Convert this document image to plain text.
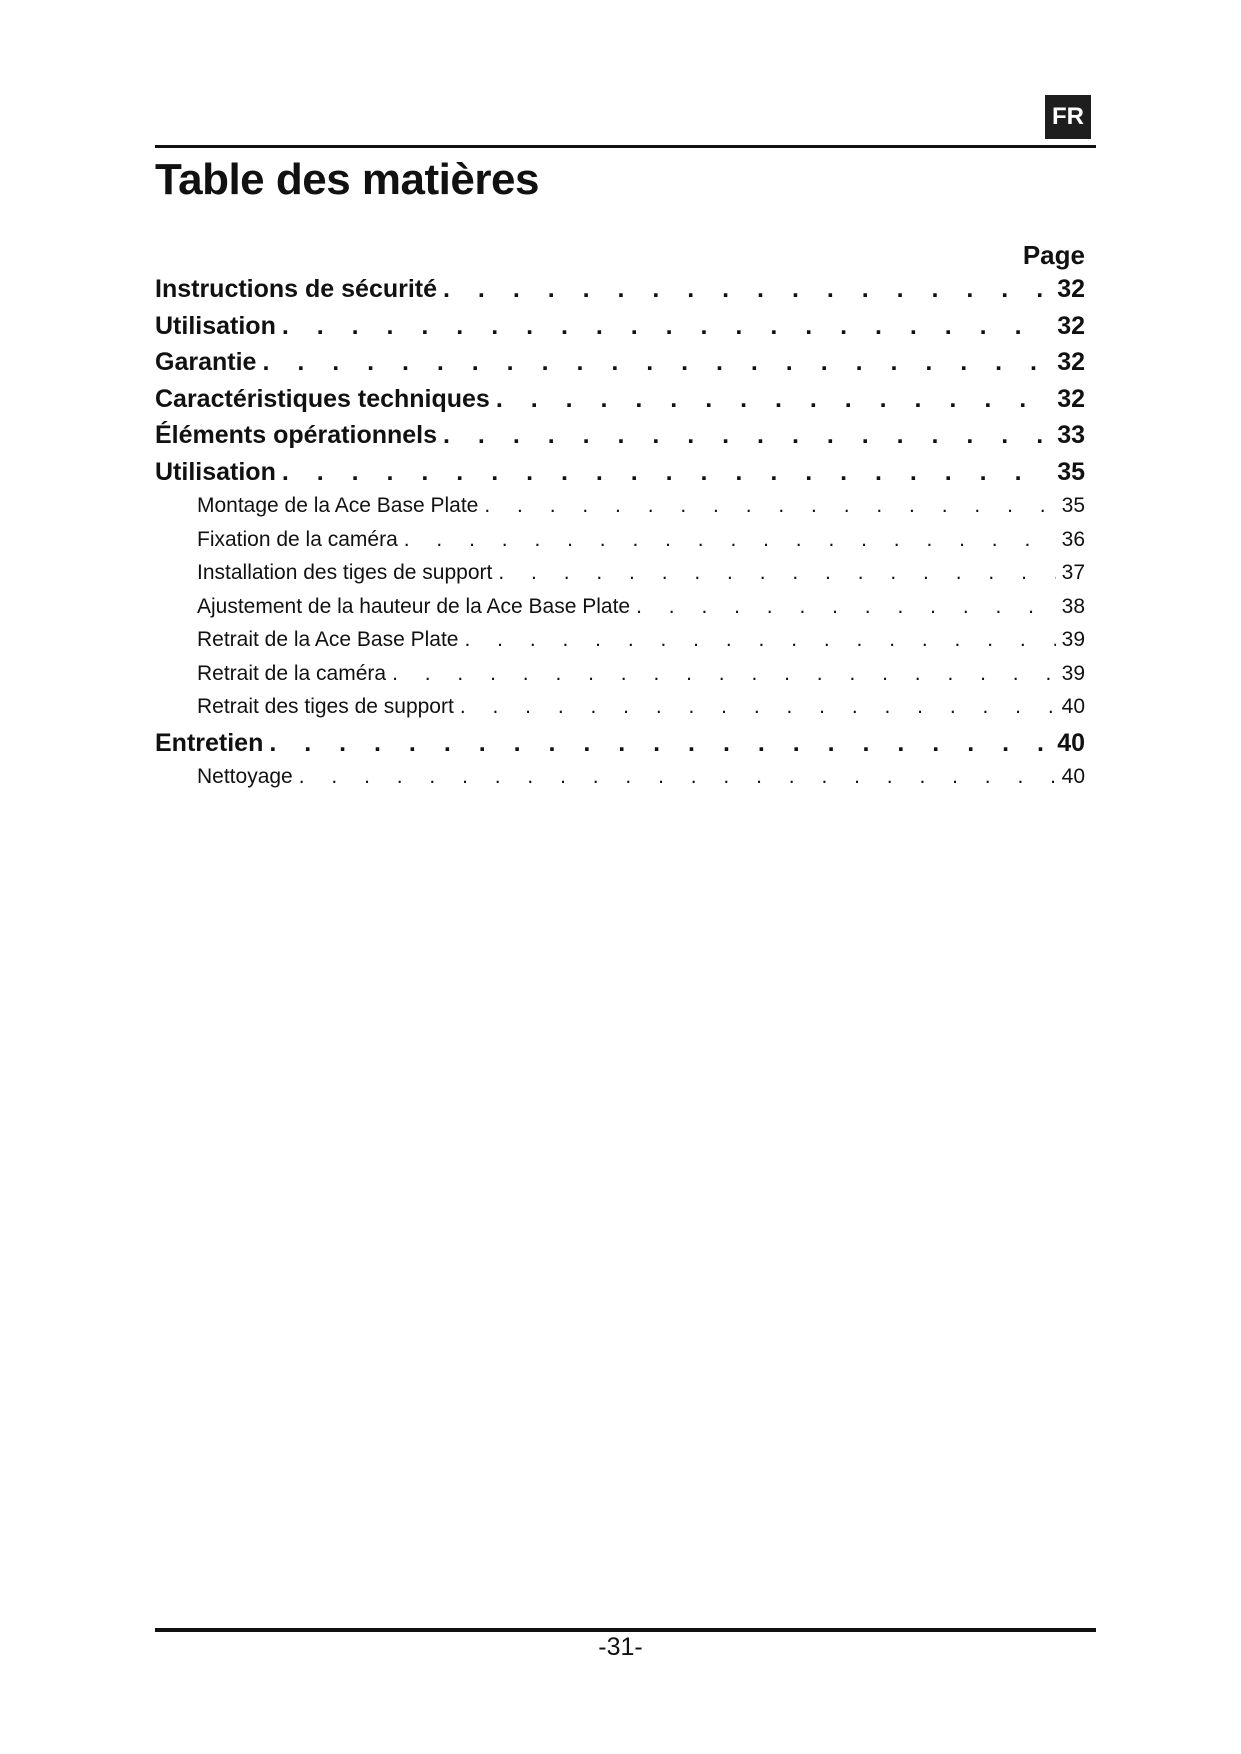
FR
Table des matières
Page
Instructions de sécurité . . .	32
Utilisation . . .	32
Garantie . . .	32
Caractéristiques techniques . . .	32
Éléments opérationnels . . .	33
Utilisation . . .	35
Montage de la Ace Base Plate . . .	35
Fixation de la caméra . . .	36
Installation des tiges de support . . .	37
Ajustement de la hauteur de la Ace Base Plate . . .	38
Retrait de la Ace Base Plate . . .	39
Retrait de la caméra . . .	39
Retrait des tiges de support . . .	40
Entretien . . .	40
Nettoyage . . .	40
-31-
